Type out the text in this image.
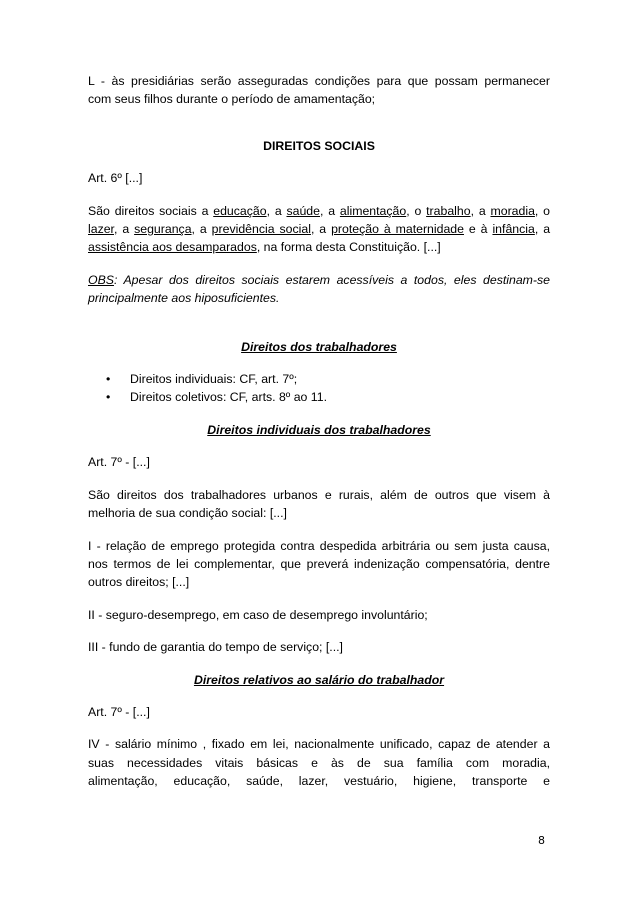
L - às presidiárias serão asseguradas condições para que possam permanecer

com seus filhos durante o período de amamentação;

DIREITOS SOCIAIS

Art. 6º [...]

São direitos sociais a educação, a saúde, a alimentação, o trabalho, a moradia, o lazer, a segurança, a previdência social, a proteção à maternidade e à infância, a assistência aos desamparados, na forma desta Constituição. [...]

OBS: Apesar dos direitos sociais estarem acessíveis a todos, eles destinam-se principalmente aos hiposuficientes.

Direitos dos trabalhadores

• Direitos individuais: CF, art. 7º;
• Direitos coletivos: CF, arts. 8º ao 11.

Direitos individuais dos trabalhadores

Art. 7º - [...]

São direitos dos trabalhadores urbanos e rurais, além de outros que visem à melhoria de sua condição social: [...]

I - relação de emprego protegida contra despedida arbitrária ou sem justa causa, nos termos de lei complementar, que preverá indenização compensatória, dentre outros direitos; [...]

II - seguro-desemprego, em caso de desemprego involuntário;

III - fundo de garantia do tempo de serviço; [...]

Direitos relativos ao salário do trabalhador

Art. 7º - [...]

IV - salário mínimo , fixado em lei, nacionalmente unificado, capaz de atender a

suas necessidades vitais básicas e às de sua família com moradia,

alimentação, educação, saúde, lazer, vestuário, higiene, transporte e

8
